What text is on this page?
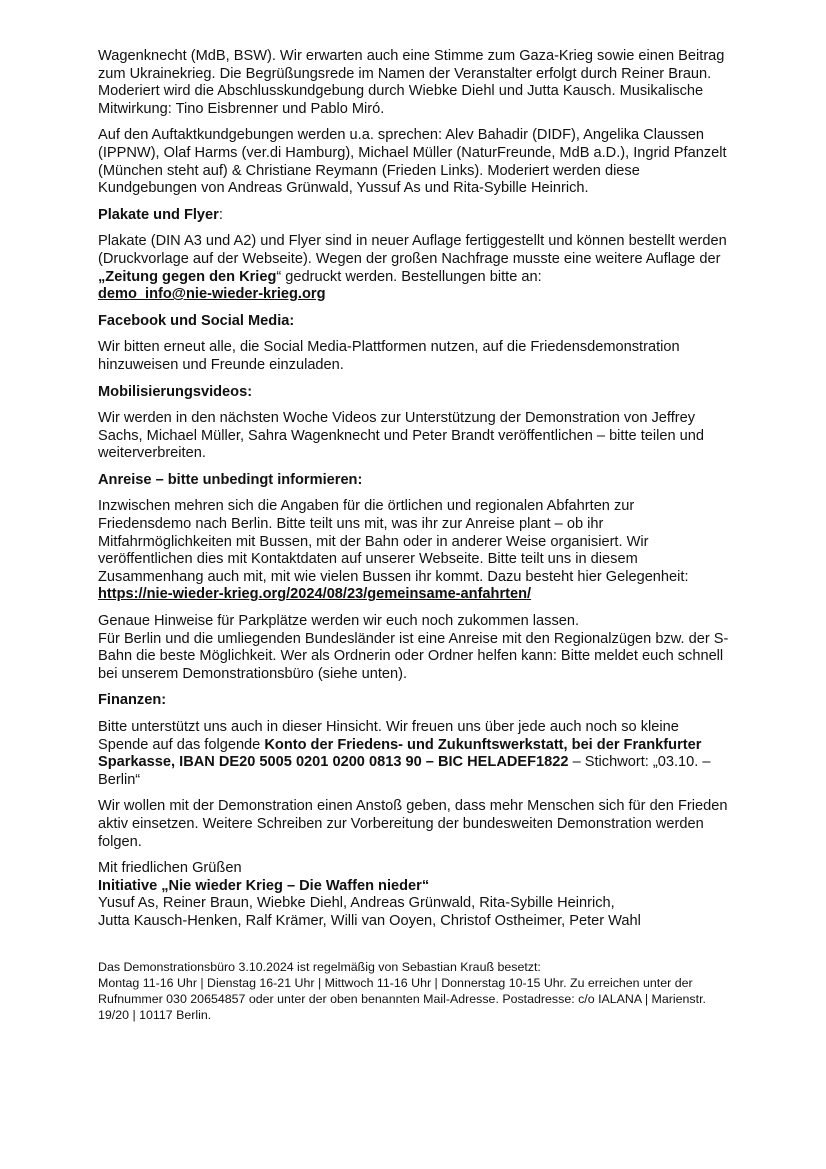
Wagenknecht (MdB, BSW). Wir erwarten auch eine Stimme zum Gaza-Krieg sowie einen Beitrag zum Ukrainekrieg. Die Begrüßungsrede im Namen der Veranstalter erfolgt durch Reiner Braun. Moderiert wird die Abschlusskundgebung durch Wiebke Diehl und Jutta Kausch. Musikalische Mitwirkung: Tino Eisbrenner und Pablo Miró.

Auf den Auftaktkundgebungen werden u.a. sprechen: Alev Bahadir (DIDF), Angelika Claussen (IPPNW), Olaf Harms (ver.di Hamburg), Michael Müller (NaturFreunde, MdB a.D.), Ingrid Pfanzelt (München steht auf) & Christiane Reymann (Frieden Links). Moderiert werden diese Kundgebungen von Andreas Grünwald, Yussuf As und Rita-Sybille Heinrich.

Plakate und Flyer:

Plakate (DIN A3 und A2) und Flyer sind in neuer Auflage fertiggestellt und können bestellt werden (Druckvorlage auf der Webseite). Wegen der großen Nachfrage musste eine weitere Auflage der „Zeitung gegen den Krieg“ gedruckt werden. Bestellungen bitte an:
demo_info@nie-wieder-krieg.org

Facebook und Social Media:

Wir bitten erneut alle, die Social Media-Plattformen nutzen, auf die Friedensdemonstration hinzuweisen und Freunde einzuladen.

Mobilisierungsvideos:

Wir werden in den nächsten Woche Videos zur Unterstützung der Demonstration von Jeffrey Sachs, Michael Müller, Sahra Wagenknecht und Peter Brandt veröffentlichen – bitte teilen und weiterverbreiten.

Anreise – bitte unbedingt informieren:

Inzwischen mehren sich die Angaben für die örtlichen und regionalen Abfahrten zur Friedensdemo nach Berlin. Bitte teilt uns mit, was ihr zur Anreise plant – ob ihr Mitfahrmöglichkeiten mit Bussen, mit der Bahn oder in anderer Weise organisiert. Wir veröffentlichen dies mit Kontaktdaten auf unserer Webseite. Bitte teilt uns in diesem Zusammenhang auch mit, mit wie vielen Bussen ihr kommt. Dazu besteht hier Gelegenheit:
https://nie-wieder-krieg.org/2024/08/23/gemeinsame-anfahrten/

Genaue Hinweise für Parkplätze werden wir euch noch zukommen lassen.
Für Berlin und die umliegenden Bundesländer ist eine Anreise mit den Regionalzügen bzw. der S-Bahn die beste Möglichkeit. Wer als Ordnerin oder Ordner helfen kann: Bitte meldet euch schnell bei unserem Demonstrationsbüro (siehe unten).

Finanzen:

Bitte unterstützt uns auch in dieser Hinsicht. Wir freuen uns über jede auch noch so kleine Spende auf das folgende Konto der Friedens- und Zukunftswerkstatt, bei der Frankfurter Sparkasse, IBAN DE20 5005 0201 0200 0813 90 – BIC HELADEF1822 – Stichwort: „03.10. – Berlin“

Wir wollen mit der Demonstration einen Anstoß geben, dass mehr Menschen sich für den Frieden aktiv einsetzen. Weitere Schreiben zur Vorbereitung der bundesweiten Demonstration werden folgen.

Mit friedlichen Grüßen
Initiative „Nie wieder Krieg – Die Waffen nieder“
Yusuf As, Reiner Braun, Wiebke Diehl, Andreas Grünwald, Rita-Sybille Heinrich,
Jutta Kausch-Henken, Ralf Krämer, Willi van Ooyen, Christof Ostheimer, Peter Wahl
Das Demonstrationsbüro 3.10.2024 ist regelmäßig von Sebastian Krauß besetzt:
Montag 11-16 Uhr | Dienstag 16-21 Uhr | Mittwoch 11-16 Uhr | Donnerstag 10-15 Uhr. Zu erreichen unter der Rufnummer 030 20654857 oder unter der oben benannten Mail-Adresse. Postadresse: c/o IALANA | Marienstr. 19/20 | 10117 Berlin.
